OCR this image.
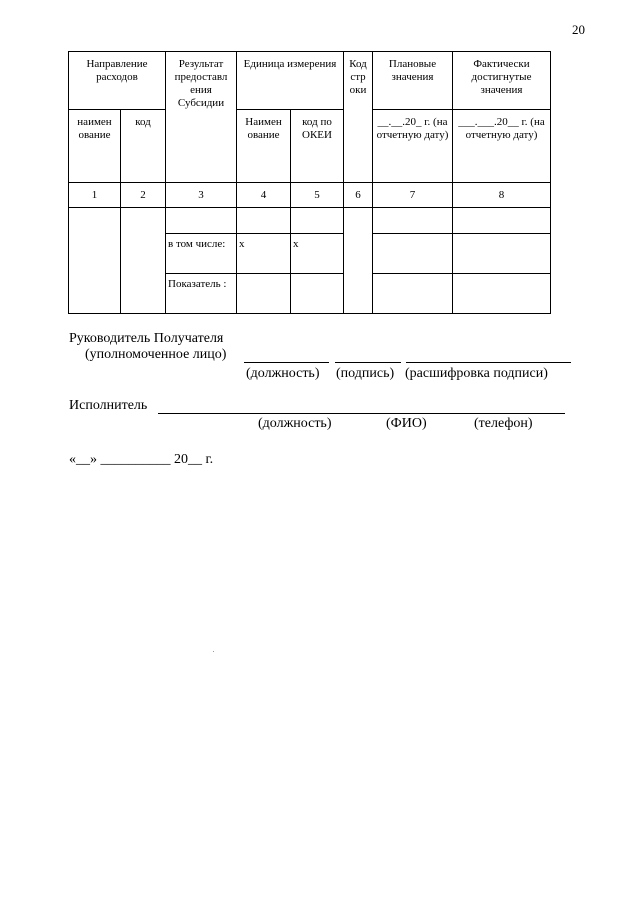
20
Направление расходов		Результат предоставл ения Субсидии	Единица измерения		Код стр оки	Плановые значения	Фактически достигнутые значения
наимен ование	код		Наимен ование	код по ОКЕИ		__.__.20_ г. (на отчетную дату)	___.___.20__ г. (на отчетную дату)
1	2	3	4	5	6	7	8

		в том числе:	x	x			
		Показатель :					
Руководитель Получателя
(уполномоченное лицо)
(должность) (подпись) (расшифровка подписи)
Исполнитель
(должность)	(ФИО)	(телефон)
«__» __________ 20__ г.
